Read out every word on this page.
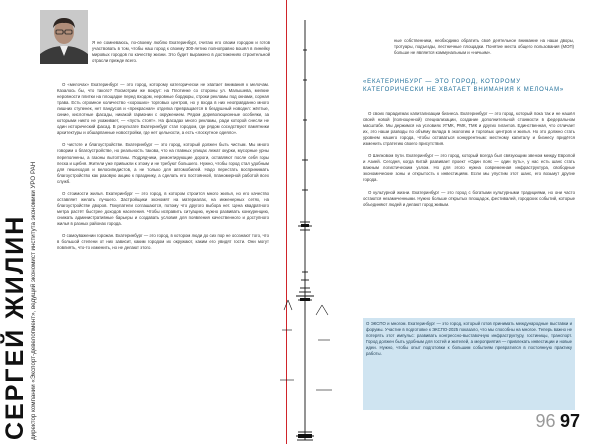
СЕРГЕЙ ЖИЛИН директор компании «Экспорт-девелопмент», ведущий экономист института экономики УРО РАН

Я не сомневаюсь, по-своему люблю Екатеринбург, считаю его своим городом и готов участвовать в том, чтобы наш город к своему 300-летию полноправно вошёл в линейку мировых городов по качеству жизни. Это будет выражено в достижениях строительной отрасли прежде всего.

О «мелочах» Екатеринбург — это город, которому категорически не хватает внимания к мелочам. Казалось бы, что такого? Посмотрим же вокруг: на Плотинке со стороны ул. Малышева, мелкие неровности плитки на площадке перед входом, неровные бордюры, строки рекламы под окнами, сорная трава. Есть огромное количество «хороших» торговых центров, но у входа в них неоправданно много лишних ступенек, нет пандусов и «прекрасная» отделка превращается в бездушный новодел: жёлтые, синие, кислотные фасады, никакой гармонии с окружением. Рядом дореволюционные особняки, за которыми никто не ухаживает, — «пусть стоят». На фасадах много рекламы, ради которой снесли не один исторический фасад. В результате Екатеринбург стал городом, где рядом соседствуют памятники архитектуры и обшарпанные новостройки, где нет цельности, а есть «лоскутное одеяло».

О чистоте и благоустройстве. Екатеринбург — это город, который должен быть чистым. Мы много говорим о благоустройстве, но реальность такова, что на главных улицах лежат окурки, мусорные урны переполнены, а газоны вытоптаны. Подрядчики, ремонтирующие дороги, оставляют после себя горы песка и щебня. Жители уже привыкли к этому и не требуют большего. Нужно, чтобы город стал удобным для пешеходов и велосипедистов, а не только для автомобилей. Надо перестать воспринимать благоустройство как разовую акцию к празднику, а сделать его постоянной, планомерной работой всех служб.

О стоимости жилья. Екатеринбург — это город, в котором строится много жилья, но его качество оставляет желать лучшего. Застройщики экономят на материалах, на инженерных сетях, на благоустройстве дворов. Покупатели соглашаются, потому что другого выбора нет. Цена квадратного метра растёт быстрее доходов населения. Чтобы исправить ситуацию, нужно развивать конкуренцию, снижать административные барьеры и создавать условия для появления качественного и доступного жилья в разных районах города.

О самоуважении горожан. Екатеринбург — это город, в котором люди до сих пор не осознают того, что в большой степени от них зависит, каким городом их окружают, каким его увидят гости. Они могут повлиять, что-то изменить, но не делают этого.

ные собственники, необходимо обратить своё деятельное внимание на наши дворы, тротуары, подъезды, лестничные площадки. Понятие места общего пользования (МОП) больше не является коммунальным и «ничьим».

«ЕКАТЕРИНБУРГ — ЭТО ГОРОД, КОТОРОМУ КАТЕГОРИЧЕСКИ НЕ ХВАТАЕТ ВНИМАНИЯ К МЕЛОЧАМ»

О своих парадигмах капитализации бизнеса. Екатеринбург — это город, который пока так и не нашёл своей новой (полноценной) специализации, создание дополнительной стоимости в федеральном масштабе. Мы держимся на условиях УГМК, РМК, ТМК и других гигантов. Единственная, что отличает их, это наши разводы по объёму вклада в экологию и торговых центров и жилья. Но это должно стать уровнем нашего города, чтобы оставаться конкурентным: местному капиталу и бизнесу придётся изменить стратегию своего присутствия.

О Шелковом пути. Екатеринбург — это город, который всегда был связующим звеном между Европой и Азией. Сегодня, когда Китай развивает проект «Один пояс — один путь», у нас есть шанс стать важным логистическим узлом. Но для этого нужна современная инфраструктура, свободные экономические зоны и открытость к инвестициям. Если мы упустим этот шанс, его возьмут другие города.

О культурной жизни. Екатеринбург — это город с богатыми культурными традициями, но они часто остаются незамеченными. Нужно больше открытых площадок, фестивалей, городских событий, которые объединяют людей и делают город живым.

О ЭКСПО и многом. Екатеринбург — это город, который готов принимать международные выставки и форумы. Участие в подготовке к ЭКСПО-2025 показало, что мы способны на многое. Теперь важно не потерять этот импульс: развивать конгрессно-выставочную инфраструктуру, гостиницы, транспорт. Город должен быть удобным для гостей и жителей, а мероприятия — привлекать инвестиции и новые идеи. Нужно, чтобы опыт подготовки к большим событиям превратился в постоянную практику работы.

96 97
